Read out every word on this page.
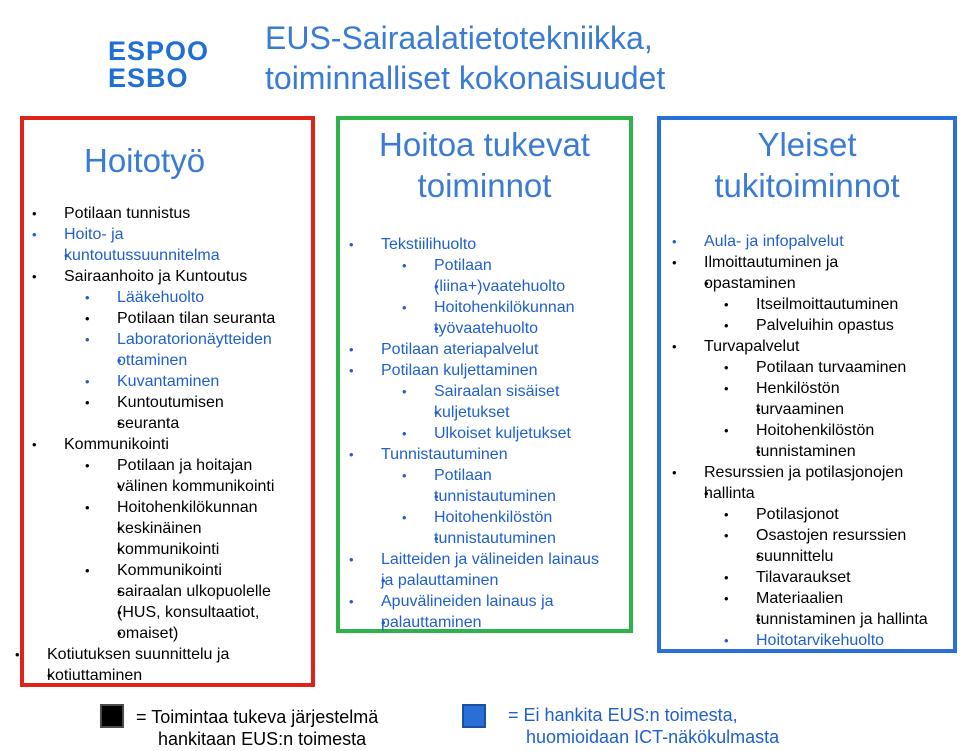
ESPOO
ESBO
EUS-Sairaalatietotekniikka,
toiminnalliset kokonaisuudet
Hoitotyö
• Potilaan tunnistus
• Hoito- ja
• kuntoutussuunnitelma
• Sairaanhoito ja Kuntoutus
• Lääkehuolto
• Potilaan tilan seuranta
• Laboratorionäytteiden
• ottaminen
• Kuvantaminen
• Kuntoutumisen
• seuranta
• Kommunikointi
• Potilaan ja hoitajan
• välinen kommunikointi
• Hoitohenkilökunnan
• keskinäinen
• kommunikointi
• Kommunikointi
• sairaalan ulkopuolelle
• (HUS, konsultaatiot,
• omaiset)
• Kotiutuksen suunnittelu ja
• kotiuttaminen
Hoitoa tukevat
toiminnot
• Tekstiilihuolto
• Potilaan
• (liina+)vaatehuolto
• Hoitohenkilökunnan
• työvaatehuolto
• Potilaan ateriapalvelut
• Potilaan kuljettaminen
• Sairaalan sisäiset
• kuljetukset
• Ulkoiset kuljetukset
• Tunnistautuminen
• Potilaan
• tunnistautuminen
• Hoitohenkilöstön
• tunnistautuminen
• Laitteiden ja välineiden lainaus
• ja palauttaminen
• Apuvälineiden lainaus ja
• palauttaminen
Yleiset
tukitoiminnot
• Aula- ja infopalvelut
• Ilmoittautuminen ja
• opastaminen
• Itseilmoittautuminen
• Palveluihin opastus
• Turvapalvelut
• Potilaan turvaaminen
• Henkilöstön
• turvaaminen
• Hoitohenkilöstön
• tunnistaminen
• Resurssien ja potilasjonojen
• hallinta
• Potilasjonot
• Osastojen resurssien
• suunnittelu
• Tilavaraukset
• Materiaalien
• tunnistaminen ja hallinta
• Hoitotarvikehuolto
= Toimintaa tukeva järjestelmä
hankitaan EUS:n toimesta
= Ei hankita EUS:n toimesta,
huomioidaan ICT-näkökulmasta
